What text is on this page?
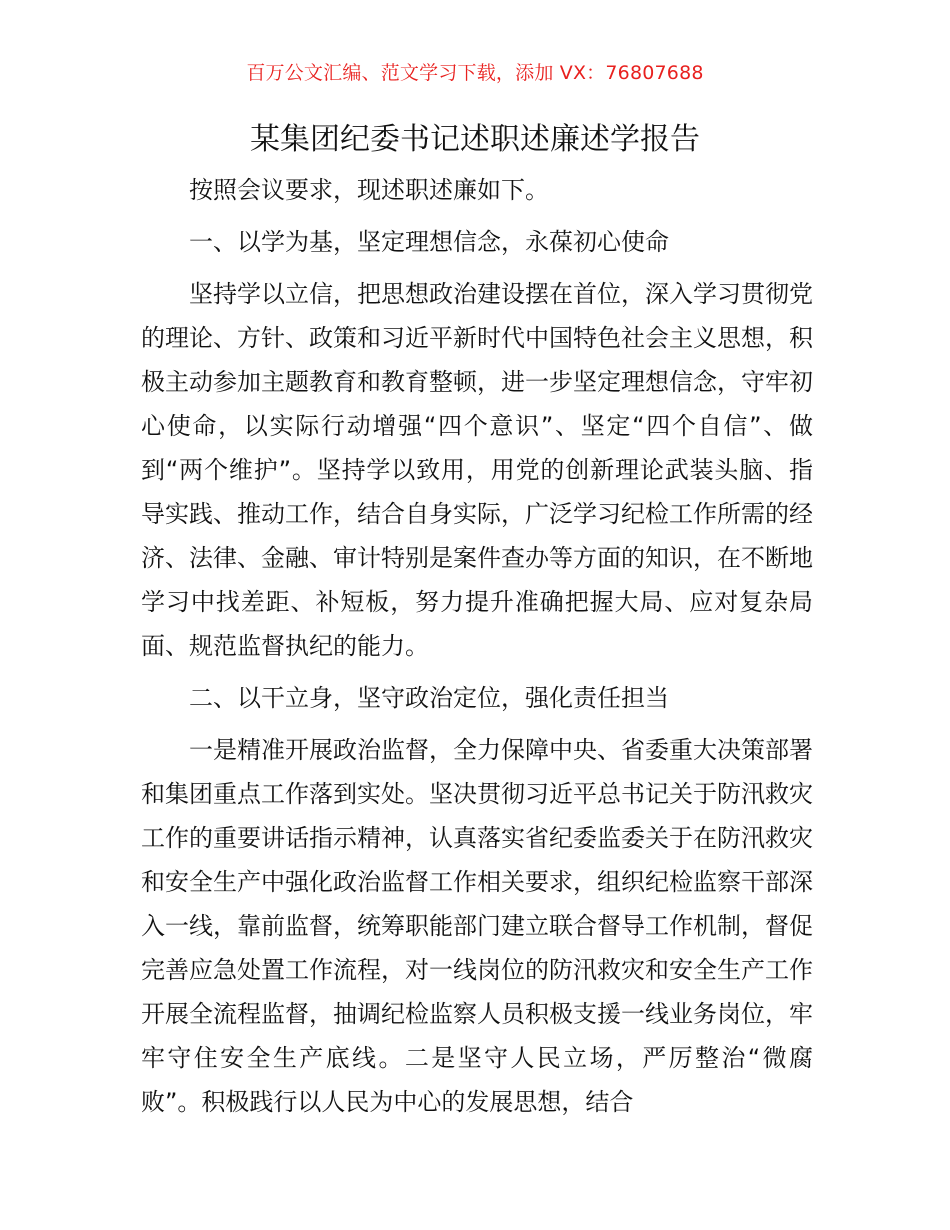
百万公文汇编、范文学习下载，添加 VX：76807688
某集团纪委书记述职述廉述学报告

按照会议要求，现述职述廉如下。

一、以学为基，坚定理想信念，永葆初心使命

坚持学以立信，把思想政治建设摆在首位，深入学习贯彻党的理论、方针、政策和习近平新时代中国特色社会主义思想，积极主动参加主题教育和教育整顿，进一步坚定理想信念，守牢初心使命，以实际行动增强“四个意识”、坚定“四个自信”、做到“两个维护”。坚持学以致用，用党的创新理论武装头脑、指导实践、推动工作，结合自身实际，广泛学习纪检工作所需的经济、法律、金融、审计特别是案件查办等方面的知识，在不断地学习中找差距、补短板，努力提升准确把握大局、应对复杂局面、规范监督执纪的能力。

二、以干立身，坚守政治定位，强化责任担当

一是精准开展政治监督，全力保障中央、省委重大决策部署和集团重点工作落到实处。坚决贯彻习近平总书记关于防汛救灾工作的重要讲话指示精神，认真落实省纪委监委关于在防汛救灾和安全生产中强化政治监督工作相关要求，组织纪检监察干部深入一线，靠前监督，统筹职能部门建立联合督导工作机制，督促完善应急处置工作流程，对一线岗位的防汛救灾和安全生产工作开展全流程监督，抽调纪检监察人员积极支援一线业务岗位，牢牢守住安全生产底线。二是坚守人民立场，严厉整治“微腐败”。积极践行以人民为中心的发展思想，结合
